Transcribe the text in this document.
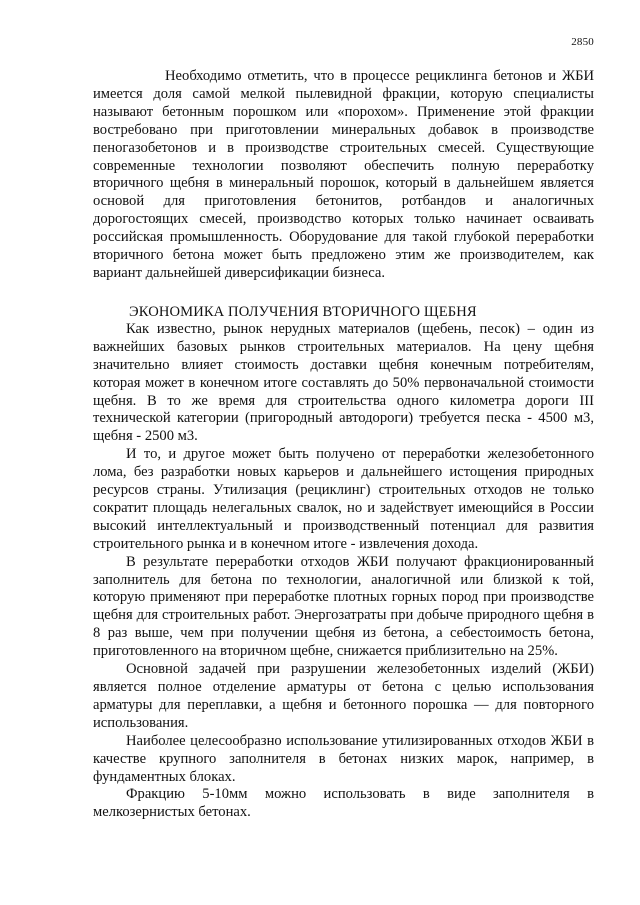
2850

Необходимо отметить, что в процессе рециклинга бетонов и ЖБИ имеется доля самой мелкой пылевидной фракции, которую специалисты называют бетонным порошком или «порохом». Применение этой фракции востребовано при приготовлении минеральных добавок в производстве пеногазобетонов и в производстве строительных смесей. Существующие современные технологии позволяют обеспечить полную переработку вторичного щебня в минеральный порошок, который в дальнейшем является основой для приготовления бетонитов, ротбандов и аналогичных дорогостоящих смесей, производство которых только начинает осваивать российская промышленность. Оборудование для такой глубокой переработки вторичного бетона может быть предложено этим же производителем, как вариант дальнейшей диверсификации бизнеса.

ЭКОНОМИКА ПОЛУЧЕНИЯ ВТОРИЧНОГО ЩЕБНЯ

Как известно, рынок нерудных материалов (щебень, песок) – один из важнейших базовых рынков строительных материалов. На цену щебня значительно влияет стоимость доставки щебня конечным потребителям, которая может в конечном итоге составлять до 50% первоначальной стоимости щебня. В то же время для строительства одного километра дороги III технической категории (пригородный автодороги) требуется песка - 4500 м3, щебня - 2500 м3.

И то, и другое может быть получено от переработки железобетонного лома, без разработки новых карьеров и дальнейшего истощения природных ресурсов страны. Утилизация (рециклинг) строительных отходов не только сократит площадь нелегальных свалок, но и задействует имеющийся в России высокий интеллектуальный и производственный потенциал для развития строительного рынка и в конечном итоге - извлечения дохода.

В результате переработки отходов ЖБИ получают фракционированный заполнитель для бетона по технологии, аналогичной или близкой к той, которую применяют при переработке плотных горных пород при производстве щебня для строительных работ. Энергозатраты при добыче природного щебня в 8 раз выше, чем при получении щебня из бетона, а себестоимость бетона, приготовленного на вторичном щебне, снижается приблизительно на 25%.

Основной задачей при разрушении железобетонных изделий (ЖБИ) является полное отделение арматуры от бетона с целью использования арматуры для переплавки, а щебня и бетонного порошка — для повторного использования.

Наиболее целесообразно использование утилизированных отходов ЖБИ в качестве крупного заполнителя в бетонах низких марок, например, в фундаментных блоках.

Фракцию 5-10мм можно использовать в виде заполнителя в мелкозернистых бетонах.
